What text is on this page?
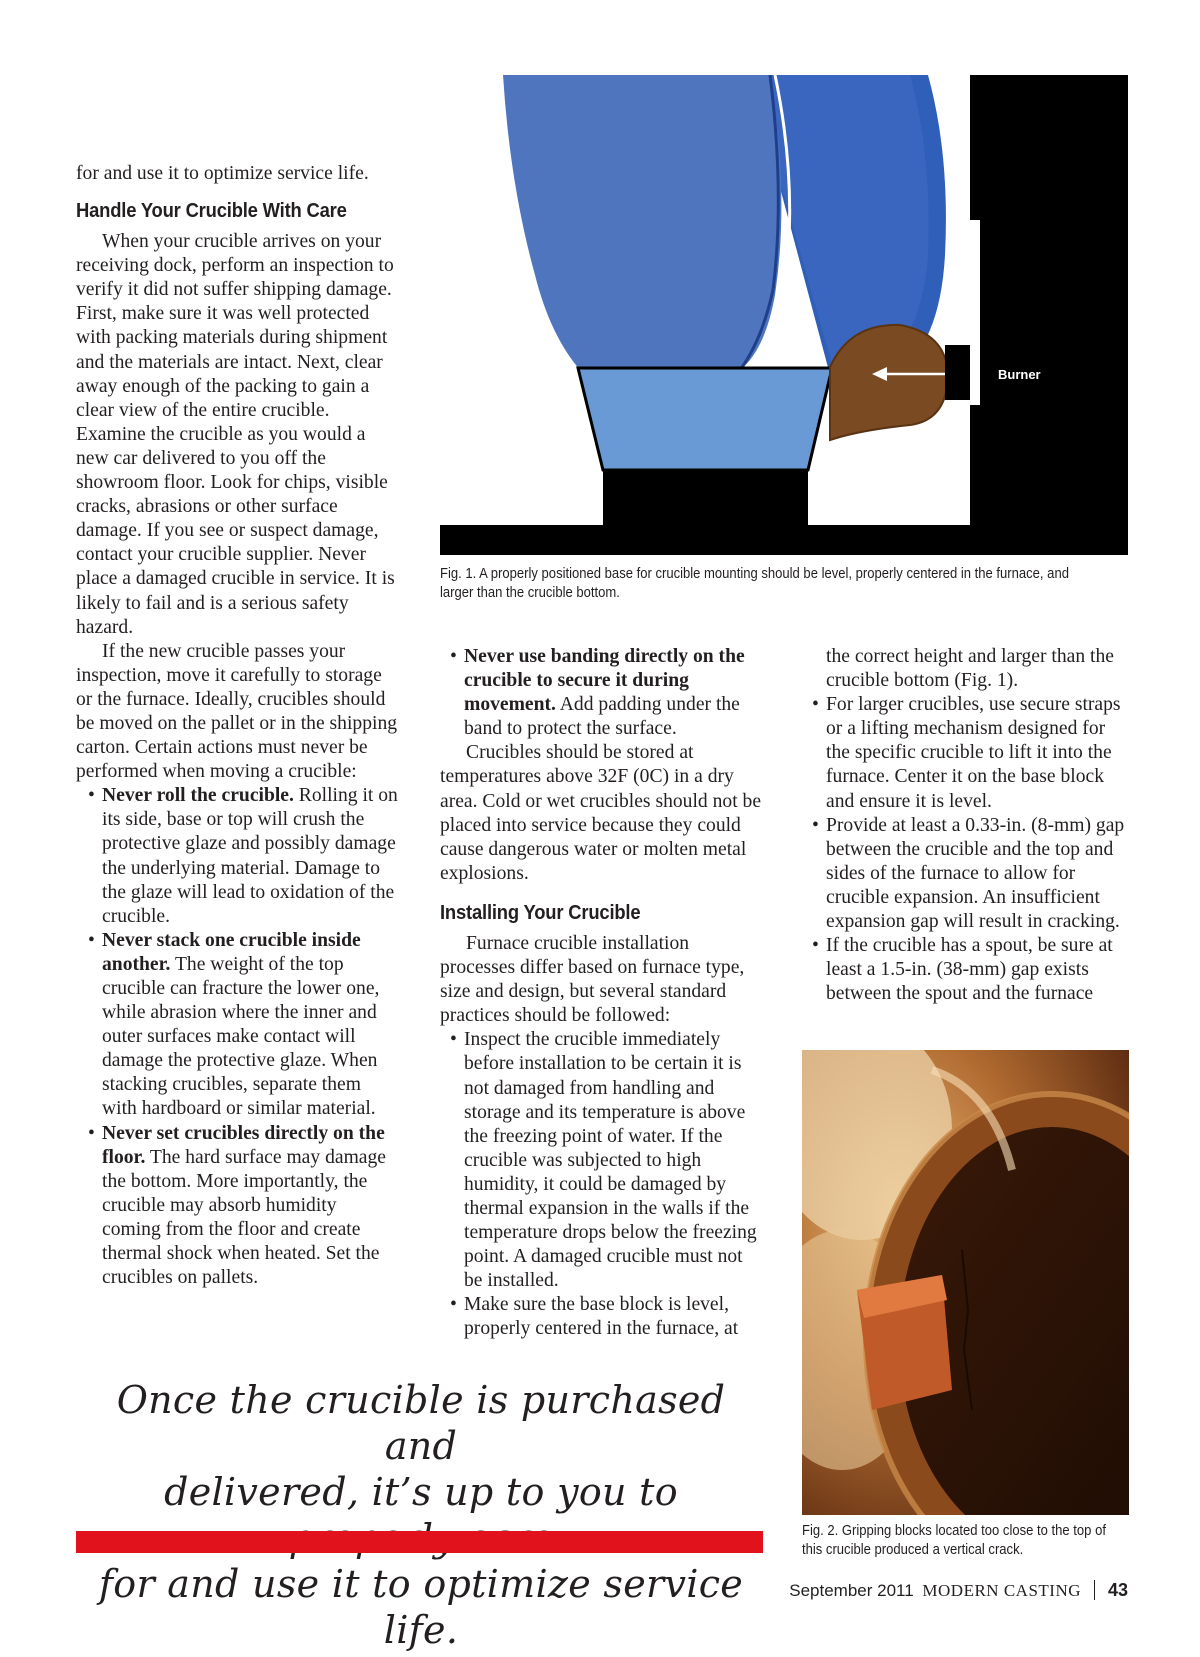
for and use it to optimize service life.

Handle Your Crucible With Care

When your crucible arrives on your receiving dock, perform an inspection to verify it did not suffer shipping damage. First, make sure it was well protected with packing materials during shipment and the materials are intact. Next, clear away enough of the packing to gain a clear view of the entire crucible. Examine the crucible as you would a new car delivered to you off the showroom floor. Look for chips, visible cracks, abrasions or other surface damage. If you see or suspect damage, contact your crucible supplier. Never place a damaged crucible in service. It is likely to fail and is a serious safety hazard.

If the new crucible passes your inspection, move it carefully to storage or the furnace. Ideally, crucibles should be moved on the pallet or in the shipping carton. Certain actions must never be performed when moving a crucible:

• Never roll the crucible. Rolling it on its side, base or top will crush the protective glaze and possibly damage the underlying material. Damage to the glaze will lead to oxidation of the crucible.
• Never stack one crucible inside another. The weight of the top crucible can fracture the lower one, while abrasion where the inner and outer surfaces make contact will damage the protective glaze. When stacking crucibles, separate them with hardboard or similar material.
• Never set crucibles directly on the floor. The hard surface may damage the bottom. More importantly, the crucible may absorb humidity coming from the floor and create thermal shock when heated. Set the crucibles on pallets.
Burner
Fig. 1. A properly positioned base for crucible mounting should be level, properly centered in the furnace, and larger than the crucible bottom.
• Never use banding directly on the crucible to secure it during movement. Add padding under the band to protect the surface.

Crucibles should be stored at temperatures above 32F (0C) in a dry area. Cold or wet crucibles should not be placed into service because they could cause dangerous water or molten metal explosions.

Installing Your Crucible

Furnace crucible installation processes differ based on furnace type, size and design, but several standard practices should be followed:

• Inspect the crucible immediately before installation to be certain it is not damaged from handling and storage and its temperature is above the freezing point of water. If the crucible was subjected to high humidity, it could be damaged by thermal expansion in the walls if the temperature drops below the freezing point. A damaged crucible must not be installed.
• Make sure the base block is level, properly centered in the furnace, at

the correct height and larger than the crucible bottom (Fig. 1).

• For larger crucibles, use secure straps or a lifting mechanism designed for the specific crucible to lift it into the furnace. Center it on the base block and ensure it is level.
• Provide at least a 0.33-in. (8-mm) gap between the crucible and the top and sides of the furnace to allow for crucible expansion. An insufficient expansion gap will result in cracking.
• If the crucible has a spout, be sure at least a 1.5-in. (38-mm) gap exists between the spout and the furnace
Fig. 2. Gripping blocks located too close to the top of this crucible produced a vertical crack.
Once the crucible is purchased and
delivered, it’s up to you to
for and use it to optimize service life.
September 2011 MODERN CASTING 43
